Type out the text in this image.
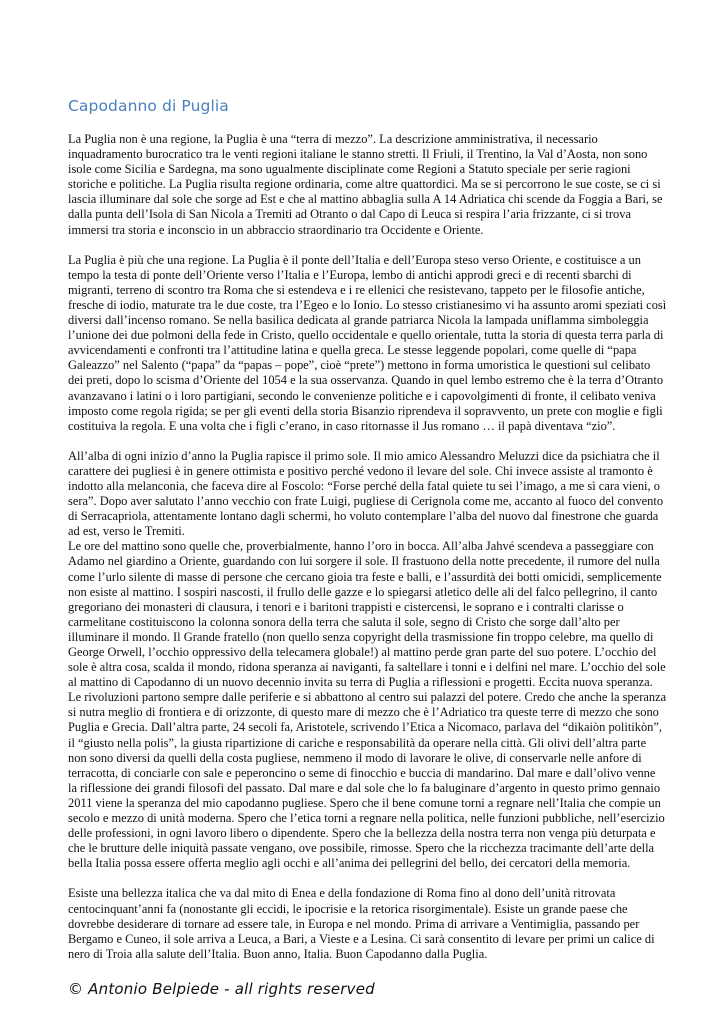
Capodanno di Puglia

La Puglia non è una regione, la Puglia è una “terra di mezzo”. La descrizione amministrativa, il necessario
inquadramento burocratico tra le venti regioni italiane le stanno stretti. Il Friuli, il Trentino, la Val d’Aosta, non sono
isole come Sicilia e Sardegna, ma sono ugualmente disciplinate come Regioni a Statuto speciale per serie ragioni
storiche e politiche. La Puglia risulta regione ordinaria, come altre quattordici. Ma se si percorrono le sue coste, se ci si
lascia illuminare dal sole che sorge ad Est e che al mattino abbaglia sulla A 14 Adriatica chi scende da Foggia a Bari, se
dalla punta dell’Isola di San Nicola a Tremiti ad Otranto o dal Capo di Leuca si respira l’aria frizzante, ci si trova
immersi tra storia e inconscio in un abbraccio straordinario tra Occidente e Oriente.

La Puglia è più che una regione. La Puglia è il ponte dell’Italia e dell’Europa steso verso Oriente, e costituisce a un
tempo la testa di ponte dell’Oriente verso l’Italia e l’Europa, lembo di antichi approdi greci e di recenti sbarchi di
migranti, terreno di scontro tra Roma che si estendeva e i re ellenici che resistevano, tappeto per le filosofie antiche,
fresche di iodio, maturate tra le due coste, tra l’Egeo e lo Ionio. Lo stesso cristianesimo vi ha assunto aromi speziati così
diversi dall’incenso romano. Se nella basilica dedicata al grande patriarca Nicola la lampada uniflamma simboleggia
l’unione dei due polmoni della fede in Cristo, quello occidentale e quello orientale, tutta la storia di questa terra parla di
avvicendamenti e confronti tra l’attitudine latina e quella greca. Le stesse leggende popolari, come quelle di “papa
Galeazzo” nel Salento (“papa” da “papas – pope”, cioè “prete”) mettono in forma umoristica le questioni sul celibato
dei preti, dopo lo scisma d’Oriente del 1054 e la sua osservanza. Quando in quel lembo estremo che è la terra d’Otranto
avanzavano i latini o i loro partigiani, secondo le convenienze politiche e i capovolgimenti di fronte, il celibato veniva
imposto come regola rigida; se per gli eventi della storia Bisanzio riprendeva il sopravvento, un prete con moglie e figli
costituiva la regola. E una volta che i figli c’erano, in caso ritornasse il Jus romano … il papà diventava “zio”.

All’alba di ogni inizio d’anno la Puglia rapisce il primo sole. Il mio amico Alessandro Meluzzi dice da psichiatra che il
carattere dei pugliesi è in genere ottimista e positivo perché vedono il levare del sole. Chi invece assiste al tramonto è
indotto alla melanconia, che faceva dire al Foscolo: “Forse perché della fatal quiete tu sei l’imago, a me sì cara vieni, o
sera”. Dopo aver salutato l’anno vecchio con frate Luigi, pugliese di Cerignola come me, accanto al fuoco del convento
di Serracapriola, attentamente lontano dagli schermi, ho voluto contemplare l’alba del nuovo dal finestrone che guarda
ad est, verso le Tremiti.
Le ore del mattino sono quelle che, proverbialmente, hanno l’oro in bocca. All’alba Jahvé scendeva a passeggiare con
Adamo nel giardino a Oriente, guardando con lui sorgere il sole. Il frastuono della notte precedente, il rumore del nulla
come l’urlo silente di masse di persone che cercano gioia tra feste e balli, e l’assurdità dei botti omicidi, semplicemente
non esiste al mattino. I sospiri nascosti, il frullo delle gazze e lo spiegarsi atletico delle ali del falco pellegrino, il canto
gregoriano dei monasteri di clausura, i tenori e i baritoni trappisti e cistercensi, le soprano e i contralti clarisse o
carmelitane costituiscono la colonna sonora della terra che saluta il sole, segno di Cristo che sorge dall’alto per
illuminare il mondo. Il Grande fratello (non quello senza copyright della trasmissione fin troppo celebre, ma quello di
George Orwell, l’occhio oppressivo della telecamera globale!) al mattino perde gran parte del suo potere. L’occhio del
sole è altra cosa, scalda il mondo, ridona speranza ai naviganti, fa saltellare i tonni e i delfini nel mare. L’occhio del sole
al mattino di Capodanno di un nuovo decennio invita su terra di Puglia a riflessioni e progetti. Eccita nuova speranza.
Le rivoluzioni partono sempre dalle periferie e si abbattono al centro sui palazzi del potere. Credo che anche la speranza
si nutra meglio di frontiera e di orizzonte, di questo mare di mezzo che è l’Adriatico tra queste terre di mezzo che sono
Puglia e Grecia. Dall’altra parte, 24 secoli fa, Aristotele, scrivendo l’Etica a Nicomaco, parlava del “dikaiòn politikòn”,
il “giusto nella polis”, la giusta ripartizione di cariche e responsabilità da operare nella città. Gli olivi dell’altra parte
non sono diversi da quelli della costa pugliese, nemmeno il modo di lavorare le olive, di conservarle nelle anfore di
terracotta, di conciarle con sale e peperoncino o seme di finocchio e buccia di mandarino. Dal mare e dall’olivo venne
la riflessione dei grandi filosofi del passato. Dal mare e dal sole che lo fa baluginare d’argento in questo primo gennaio
2011 viene la speranza del mio capodanno pugliese. Spero che il bene comune torni a regnare nell’Italia che compie un
secolo e mezzo di unità moderna. Spero che l’etica torni a regnare nella politica, nelle funzioni pubbliche, nell’esercizio
delle professioni, in ogni lavoro libero o dipendente. Spero che la bellezza della nostra terra non venga più deturpata e
che le brutture delle iniquità passate vengano, ove possibile, rimosse. Spero che la ricchezza tracimante dell’arte della
bella Italia possa essere offerta meglio agli occhi e all’anima dei pellegrini del bello, dei cercatori della memoria.

Esiste una bellezza italica che va dal mito di Enea e della fondazione di Roma fino al dono dell’unità ritrovata
centocinquant’anni fa (nonostante gli eccidi, le ipocrisie e la retorica risorgimentale). Esiste un grande paese che
dovrebbe desiderare di tornare ad essere tale, in Europa e nel mondo. Prima di arrivare a Ventimiglia, passando per
Bergamo e Cuneo, il sole arriva a Leuca, a Bari, a Vieste e a Lesina. Ci sarà consentito di levare per primi un calice di
nero di Troia alla salute dell’Italia. Buon anno, Italia. Buon Capodanno dalla Puglia.

© Antonio Belpiede - all rights reserved
